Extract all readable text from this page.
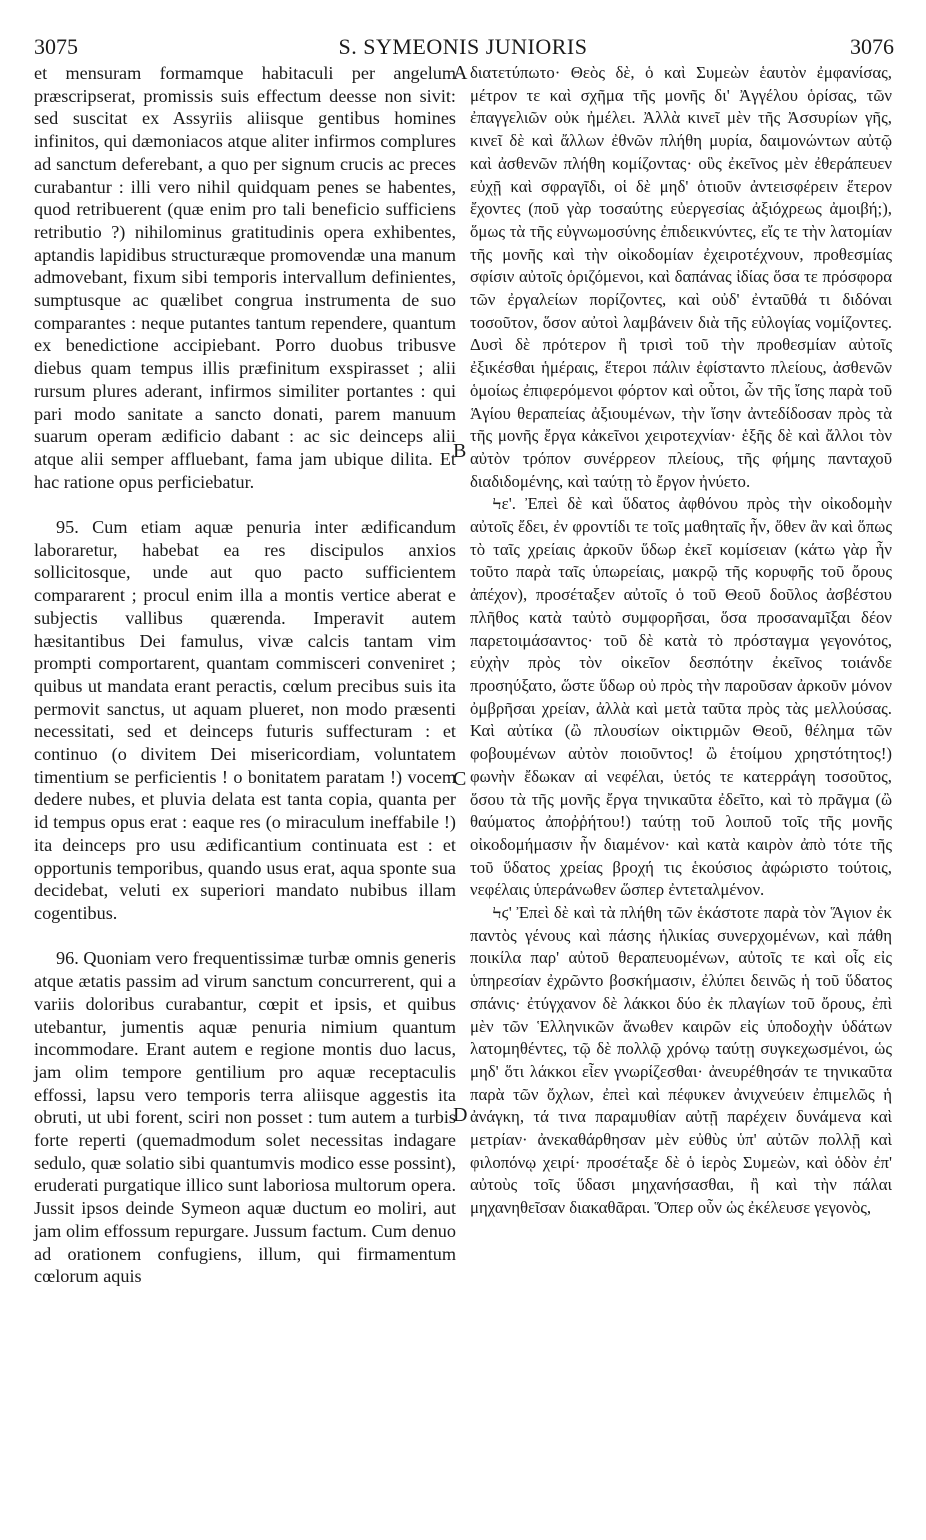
3075	S. SYMEONIS JUNIORIS	3076

et mensuram formamque habitaculi per angelum præscripserat, promissis suis effectum deesse non sivit: sed suscitat ex Assyriis aliisque gentibus homines infinitos, qui dæmoniacos atque aliter infirmos complures ad sanctum deferebant, a quo per signum crucis ac preces curabantur : illi vero nihil quidquam penes se habentes, quod retribuerent (quæ enim pro tali beneficio sufficiens retributio ?) nihilominus gratitudinis opera exhibentes, aptandis lapidibus structuræque promovendæ una manum admovebant, fixum sibi temporis intervallum definientes, sumptusque ac quælibet congrua instrumenta de suo comparantes : neque putantes tantum rependere, quantum ex benedictione accipiebant. Porro duobus tribusve diebus quam tempus illis præfinitum exspirasset ; alii rursum plures aderant, infirmos similiter portantes : qui pari modo sanitate a sancto donati, parem manuum suarum operam ædificio dabant : ac sic deinceps alii atque alii semper affluebant, fama jam ubique dilita. Et hac ratione opus perficiebatur.

95. Cum etiam aquæ penuria inter ædificandum laboraretur, habebat ea res discipulos anxios sollicitosque, unde aut quo pacto sufficientem compararent ; procul enim illa a montis vertice aberat e subjectis vallibus quærenda. Imperavit autem hæsitantibus Dei famulus, vivæ calcis tantam vim prompti comportarent, quantam commisceri conveniret ; quibus ut mandata erant peractis, cœlum precibus suis ita permovit sanctus, ut aquam plueret, non modo præsenti necessitati, sed et deinceps futuris suffecturam : et continuo (o divitem Dei misericordiam, voluntatem timentium se perficientis ! o bonitatem paratam !) vocem dedere nubes, et pluvia delata est tanta copia, quanta per id tempus opus erat : eaque res (o miraculum ineffabile !) ita deinceps pro usu ædificantium continuata est : et opportunis temporibus, quando usus erat, aqua sponte sua decidebat, veluti ex superiori mandato nubibus illam cogentibus.

96. Quoniam vero frequentissimæ turbæ omnis generis atque ætatis passim ad virum sanctum concurrerent, qui a variis doloribus curabantur, cœpit et ipsis, et quibus utebantur, jumentis aquæ penuria nimium quantum incommodare. Erant autem e regione montis duo lacus, jam olim tempore gentilium pro aquæ receptaculis effossi, lapsu vero temporis terra aliisque aggestis ita obruti, ut ubi forent, sciri non posset : tum autem a turbis forte reperti (quemadmodum solet necessitas indagare sedulo, quæ solatio sibi quantumvis modico esse possint), eruderati purgatique illico sunt laboriosa multorum opera. Jussit ipsos deinde Symeon aquæ ductum eo moliri, aut jam olim effossum repurgare. Jussum factum. Cum denuo ad orationem confugiens, illum, qui firmamentum cœlorum aquis

A
B
C
D

διατετύπωτο· Θεὸς δὲ, ὁ καὶ Συμεὼν ἑαυτὸν ἐμφανίσας, μέτρον τε καὶ σχῆμα τῆς μονῆς δι' Ἀγγέλου ὁρίσας, τῶν ἐπαγγελιῶν οὐκ ἠμέλει. Ἀλλὰ κινεῖ μὲν τῆς Ἀσσυρίων γῆς, κινεῖ δὲ καὶ ἄλλων ἐθνῶν πλήθη μυρία, δαιμονώντων αὐτῷ καὶ ἀσθενῶν πλήθη κομίζοντας· οὓς ἐκεῖνος μὲν ἐθεράπευεν εὐχῇ καὶ σφραγῖδι, οἱ δὲ μηδ' ὁτιοῦν ἀντεισφέρειν ἕτερον ἔχοντες (ποῦ γὰρ τοσαύτης εὐεργεσίας ἀξιόχρεως ἀμοιβή;), ὅμως τὰ τῆς εὐγνωμοσύνης ἐπιδεικνύντες, εἴς τε τὴν λατομίαν τῆς μονῆς καὶ τὴν οἰκοδομίαν ἐχειροτέχνουν, προθεσμίας σφίσιν αὐτοῖς ὁριζόμενοι, καὶ δαπάνας ἰδίας ὅσα τε πρόσφορα τῶν ἐργαλείων πορίζοντες, καὶ οὐδ' ἐνταῦθά τι διδόναι τοσοῦτον, ὅσον αὐτοὶ λαμβάνειν διὰ τῆς εὐλογίας νομίζοντες. Δυσὶ δὲ πρότερον ἢ τρισὶ τοῦ τὴν προθεσμίαν αὐτοῖς ἐξικέσθαι ἡμέραις, ἕτεροι πάλιν ἐφίσταντο πλείους, ἀσθενῶν ὁμοίως ἐπιφερόμενοι φόρτον καὶ οὗτοι, ὧν τῆς ἴσης παρὰ τοῦ Ἁγίου θεραπείας ἀξιουμένων, τὴν ἴσην ἀντεδίδοσαν πρὸς τὰ τῆς μονῆς ἔργα κἀκεῖνοι χειροτεχνίαν· ἑξῆς δὲ καὶ ἄλλοι τὸν αὐτὸν τρόπον συνέρρεον πλείους, τῆς φήμης πανταχοῦ διαδιδομένης, καὶ ταύτῃ τὸ ἔργον ἠνύετο.

Ϟε'. Ἐπεὶ δὲ καὶ ὕδατος ἀφθόνου πρὸς τὴν οἰκοδομὴν αὐτοῖς ἔδει, ἐν φροντίδι τε τοῖς μαθηταῖς ἦν, ὅθεν ἂν καὶ ὅπως τὸ ταῖς χρείαις ἀρκοῦν ὕδωρ ἐκεῖ κομίσειαν (κάτω γὰρ ἦν τοῦτο παρὰ ταῖς ὑπωρείαις, μακρῷ τῆς κορυφῆς τοῦ ὄρους ἀπέχον), προσέταξεν αὐτοῖς ὁ τοῦ Θεοῦ δοῦλος ἀσβέστου πλῆθος κατὰ ταὐτὸ συμφορῆσαι, ὅσα προσαναμῖξαι δέον παρετοιμάσαντος· τοῦ δὲ κατὰ τὸ πρόσταγμα γεγονότος, εὐχὴν πρὸς τὸν οἰκεῖον δεσπότην ἐκεῖνος τοιάνδε προσηύξατο, ὥστε ὕδωρ οὐ πρὸς τὴν παροῦσαν ἀρκοῦν μόνον ὀμβρῆσαι χρείαν, ἀλλὰ καὶ μετὰ ταῦτα πρὸς τὰς μελλούσας. Καὶ αὐτίκα (ὢ πλουσίων οἰκτιρμῶν Θεοῦ, θέλημα τῶν φοβουμένων αὐτὸν ποιοῦντος! ὢ ἑτοίμου χρηστότητος!) φωνὴν ἔδωκαν αἱ νεφέλαι, ὑετός τε κατερράγη τοσοῦτος, ὅσου τὰ τῆς μονῆς ἔργα τηνικαῦτα ἐδεῖτο, καὶ τὸ πρᾶγμα (ὢ θαύματος ἀποῤῥήτου!) ταύτῃ τοῦ λοιποῦ τοῖς τῆς μονῆς οἰκοδομήμασιν ἦν διαμένον· καὶ κατὰ καιρὸν ἀπὸ τότε τῆς τοῦ ὕδατος χρείας βροχή τις ἑκούσιος ἀφώριστο τούτοις, νεφέλαις ὑπεράνωθεν ὥσπερ ἐντεταλμένον.

Ϟϛ' Ἐπεὶ δὲ καὶ τὰ πλήθη τῶν ἑκάστοτε παρὰ τὸν Ἅγιον ἐκ παντὸς γένους καὶ πάσης ἡλικίας συνερχομένων, καὶ πάθη ποικίλα παρ' αὐτοῦ θεραπευομένων, αὐτοῖς τε καὶ οἷς εἰς ὑπηρεσίαν ἐχρῶντο βοσκήμασιν, ἐλύπει δεινῶς ἡ τοῦ ὕδατος σπάνις· ἐτύγχανον δὲ λάκκοι δύο ἐκ πλαγίων τοῦ ὄρους, ἐπὶ μὲν τῶν Ἑλληνικῶν ἄνωθεν καιρῶν εἰς ὑποδοχὴν ὑδάτων λατομηθέντες, τῷ δὲ πολλῷ χρόνῳ ταύτῃ συγκεχωσμένοι, ὡς μηδ' ὅτι λάκκοι εἶεν γνωρίζεσθαι· ἀνευρέθησάν τε τηνικαῦτα παρὰ τῶν ὄχλων, ἐπεὶ καὶ πέφυκεν ἀνιχνεύειν ἐπιμελῶς ἡ ἀνάγκη, τά τινα παραμυθίαν αὐτῇ παρέχειν δυνάμενα καὶ μετρίαν· ἀνεκαθάρθησαν μὲν εὐθὺς ὑπ' αὐτῶν πολλῇ καὶ φιλοπόνῳ χειρί· προσέταξε δὲ ὁ ἱερὸς Συμεὼν, καὶ ὁδὸν ἐπ' αὐτοὺς τοῖς ὕδασι μηχανήσασθαι, ἢ καὶ τὴν πάλαι μηχανηθεῖσαν διακαθᾶραι. Ὅπερ οὖν ὡς ἐκέλευσε γεγονὸς,
